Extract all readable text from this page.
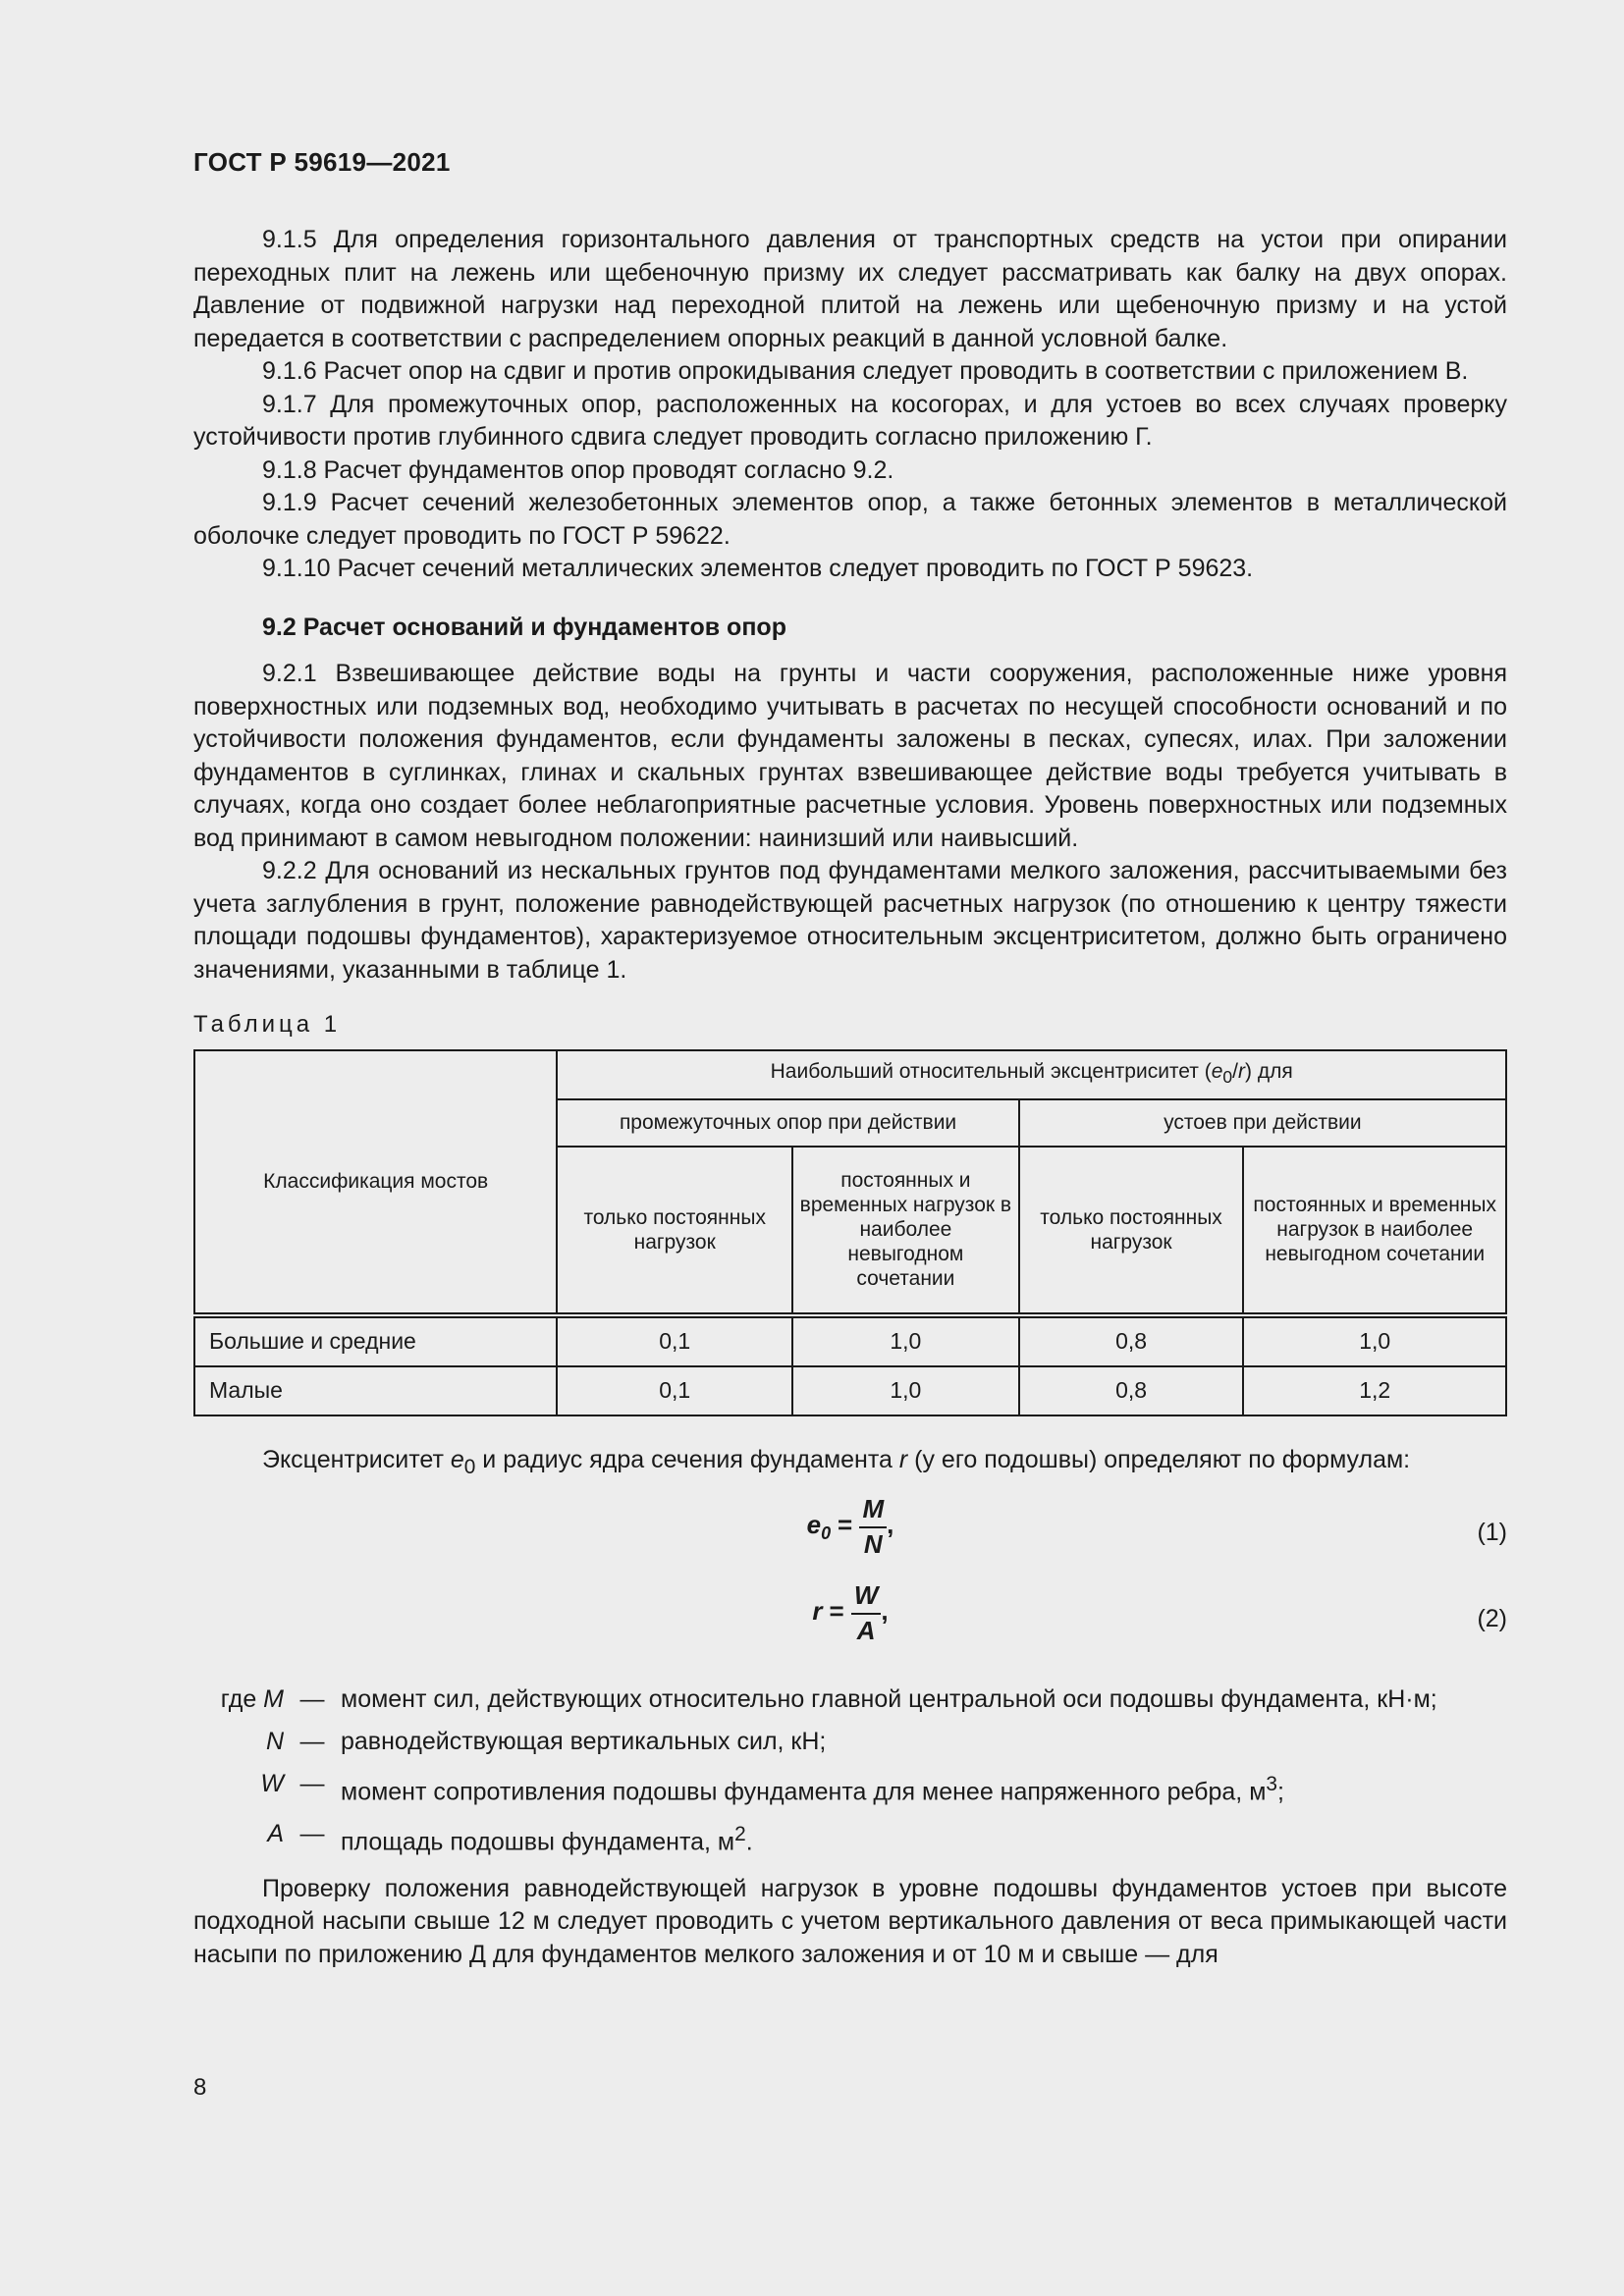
ГОСТ Р 59619—2021

9.1.5 Для определения горизонтального давления от транспортных средств на устои при опирании переходных плит на лежень или щебеночную призму их следует рассматривать как балку на двух опорах. Давление от подвижной нагрузки над переходной плитой на лежень или щебеночную призму и на устой передается в соответствии с распределением опорных реакций в данной условной балке.

9.1.6 Расчет опор на сдвиг и против опрокидывания следует проводить в соответствии с приложением В.

9.1.7 Для промежуточных опор, расположенных на косогорах, и для устоев во всех случаях проверку устойчивости против глубинного сдвига следует проводить согласно приложению Г.

9.1.8 Расчет фундаментов опор проводят согласно 9.2.

9.1.9 Расчет сечений железобетонных элементов опор, а также бетонных элементов в металлической оболочке следует проводить по ГОСТ Р 59622.

9.1.10 Расчет сечений металлических элементов следует проводить по ГОСТ Р 59623.

9.2 Расчет оснований и фундаментов опор

9.2.1 Взвешивающее действие воды на грунты и части сооружения, расположенные ниже уровня поверхностных или подземных вод, необходимо учитывать в расчетах по несущей способности оснований и по устойчивости положения фундаментов, если фундаменты заложены в песках, супесях, илах. При заложении фундаментов в суглинках, глинах и скальных грунтах взвешивающее действие воды требуется учитывать в случаях, когда оно создает более неблагоприятные расчетные условия. Уровень поверхностных или подземных вод принимают в самом невыгодном положении: наинизший или наивысший.

9.2.2 Для оснований из нескальных грунтов под фундаментами мелкого заложения, рассчитываемыми без учета заглубления в грунт, положение равнодействующей расчетных нагрузок (по отношению к центру тяжести площади подошвы фундаментов), характеризуемое относительным эксцентриситетом, должно быть ограничено значениями, указанными в таблице 1.

Таблица 1
Классификация мостов	Наибольший относительный эксцентриситет $(e_0/r)$ для			
	промежуточных опор при действии		устоев при действии	
	только постоянных нагрузок	постоянных и временных нагрузок в наиболее невыгодном сочетании	только постоянных нагрузок	постоянных и временных нагрузок в наиболее невыгодном сочетании
Большие и средние	0,1	1,0	0,8	1,0
Малые	0,1	1,0	0,8	1,2

Эксцентриситет $e_0$ и радиус ядра сечения фундамента r (у его подошвы) определяют по формулам:

$e_0 = \frac{M}{N}$ ,	(1)
$r = \frac{W}{A}$ ,	(2)
где M — момент сил, действующих относительно главной центральной оси подошвы фундамента, кН·м;
N — равнодействующая вертикальных сил, кН;
W — момент сопротивления подошвы фундамента для менее напряженного ребра, $м^3$;
A — площадь подошвы фундамента, $м^2$.

Проверку положения равнодействующей нагрузок в уровне подошвы фундаментов устоев при высоте подходной насыпи свыше 12 м следует проводить с учетом вертикального давления от веса примыкающей части насыпи по приложению Д для фундаментов мелкого заложения и от 10 м и свыше — для

8
